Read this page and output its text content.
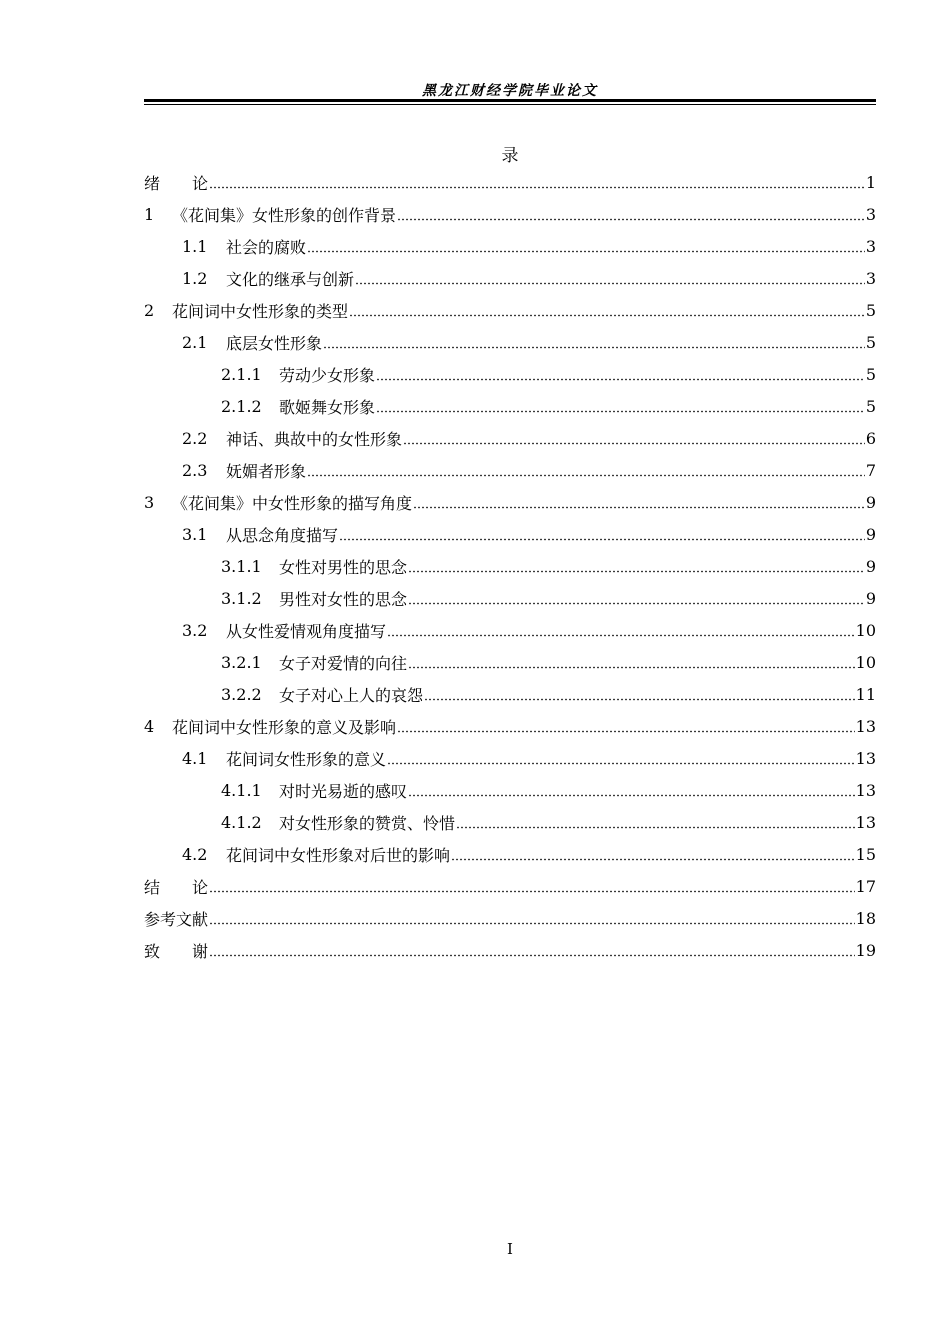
黑龙江财经学院毕业论文
录
绪　　论	1
1	《花间集》女性形象的创作背景	3
1.1	社会的腐败	3
1.2	文化的继承与创新	3
2	花间词中女性形象的类型	5
2.1	底层女性形象	5
2.1.1	劳动少女形象	5
2.1.2	歌姬舞女形象	5
2.2	神话、典故中的女性形象	6
2.3	妩媚者形象	7
3	《花间集》中女性形象的描写角度	9
3.1	从思念角度描写	9
3.1.1	女性对男性的思念	9
3.1.2	男性对女性的思念	9
3.2	从女性爱情观角度描写	10
3.2.1	女子对爱情的向往	10
3.2.2	女子对心上人的哀怨	11
4	花间词中女性形象的意义及影响	13
4.1	花间词女性形象的意义	13
4.1.1	对时光易逝的感叹	13
4.1.2	对女性形象的赞赏、怜惜	13
4.2	花间词中女性形象对后世的影响	15
结　　论	17
参考文献	18
致　　谢	19
I
